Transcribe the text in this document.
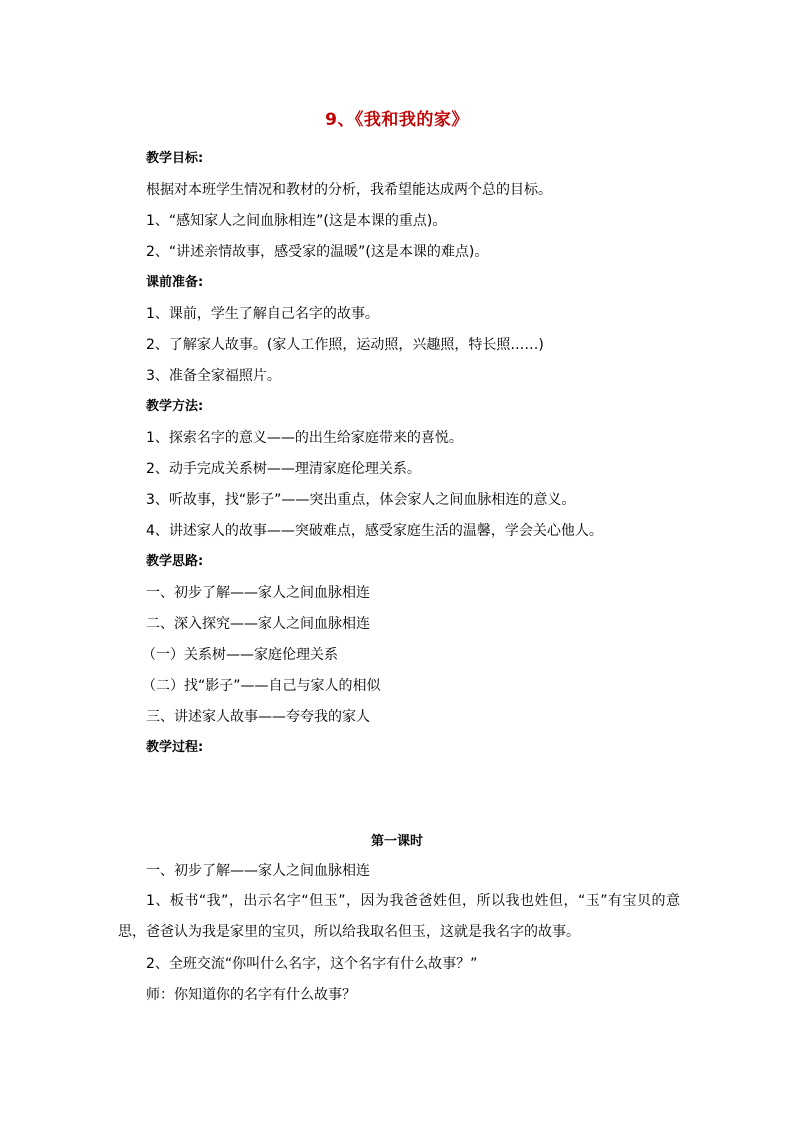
9、《我和我的家》
教学目标:
根据对本班学生情况和教材的分析，我希望能达成两个总的目标。
1、“感知家人之间血脉相连”(这是本课的重点)。
2、“讲述亲情故事，感受家的温暖”(这是本课的难点)。
课前准备:
1、课前，学生了解自己名字的故事。
2、了解家人故事。(家人工作照，运动照，兴趣照，特长照……)
3、准备全家福照片。
教学方法:
1、探索名字的意义——的出生给家庭带来的喜悦。
2、动手完成关系树——理清家庭伦理关系。
3、听故事，找“影子”——突出重点，体会家人之间血脉相连的意义。
4、讲述家人的故事——突破难点，感受家庭生活的温馨，学会关心他人。
教学思路:
一、初步了解——家人之间血脉相连
二、深入探究——家人之间血脉相连
（一）关系树——家庭伦理关系
（二）找“影子”——自己与家人的相似
三、讲述家人故事——夸夸我的家人
教学过程:
第一课时
一、初步了解——家人之间血脉相连
1、板书“我”，出示名字“但玉”，因为我爸爸姓但，所以我也姓但，“玉”有宝贝的意思，爸爸认为我是家里的宝贝，所以给我取名但玉，这就是我名字的故事。
2、全班交流“你叫什么名字，这个名字有什么故事？”
师：你知道你的名字有什么故事？
